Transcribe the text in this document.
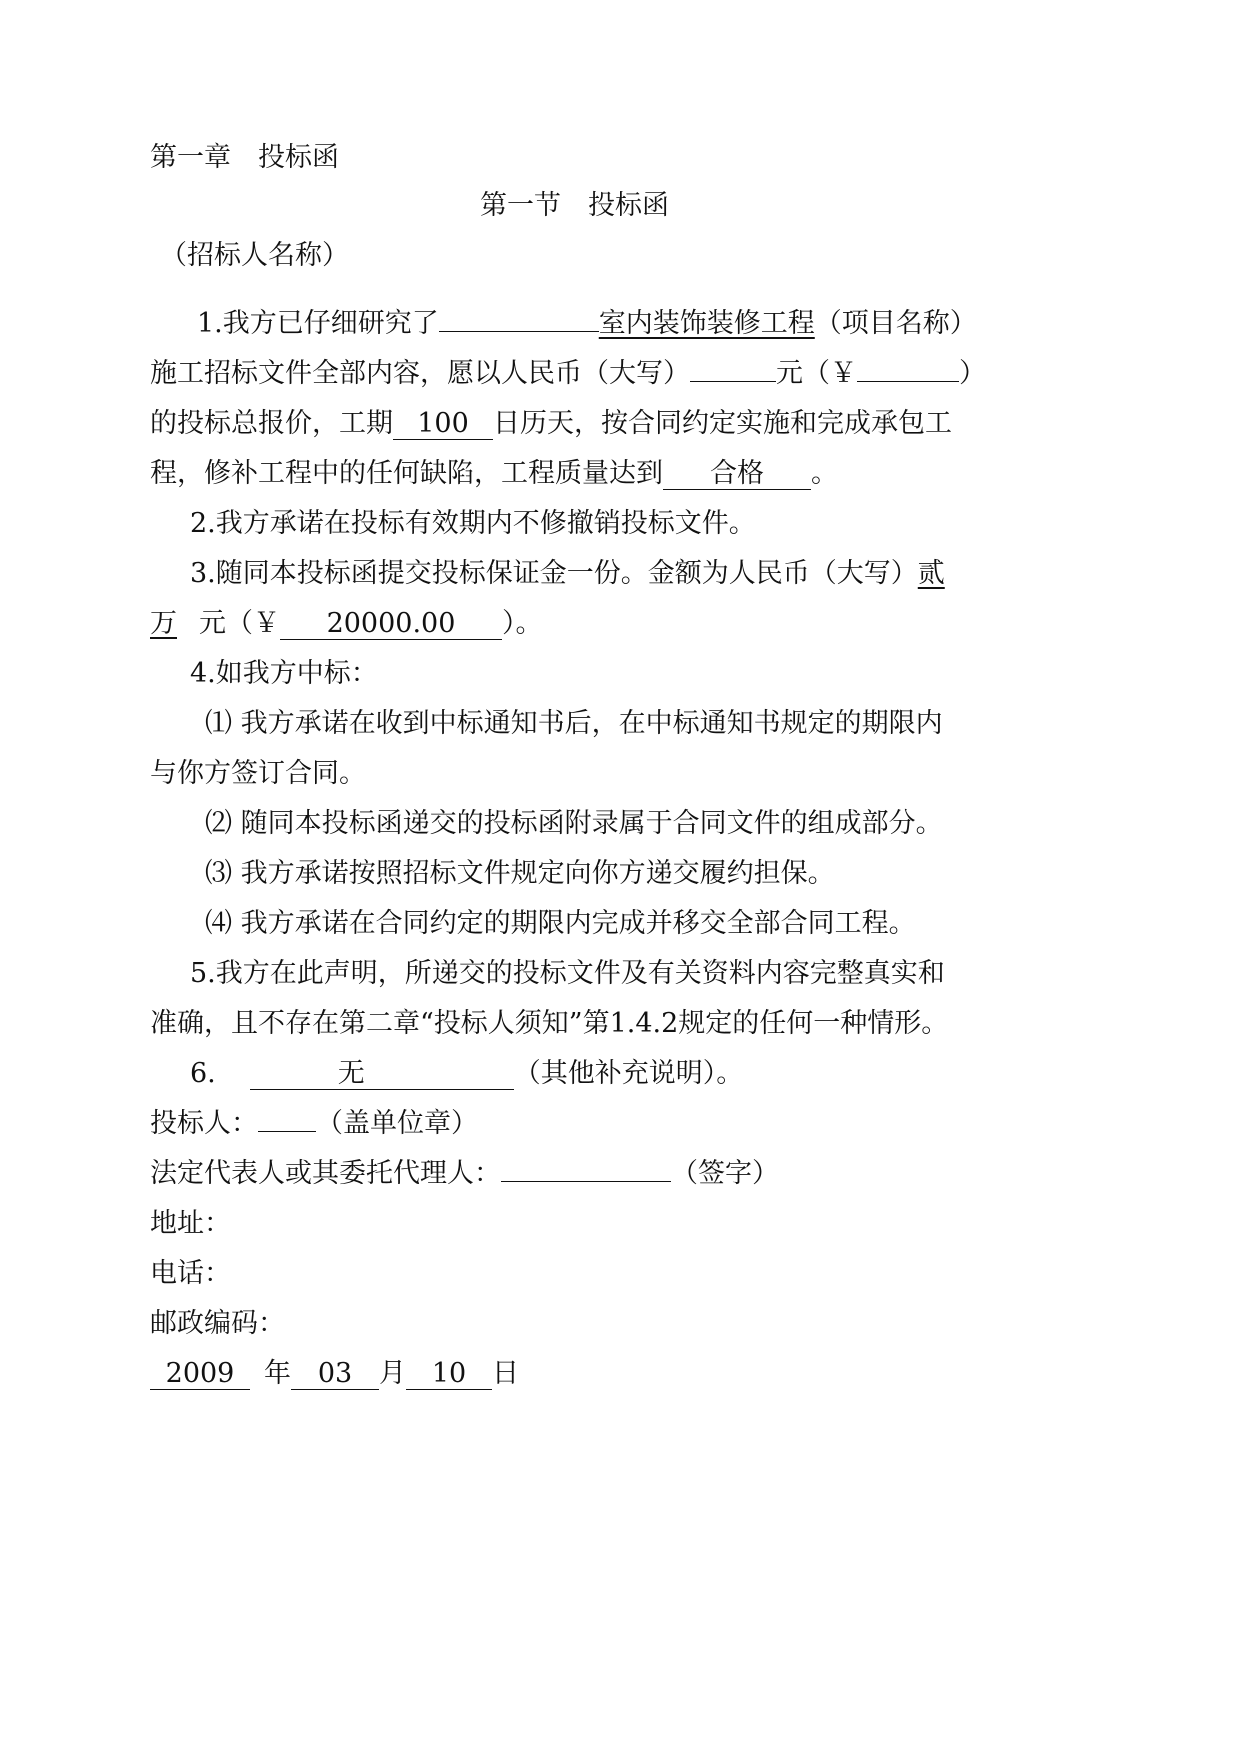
第一章　投标函
第一节　投标函
（招标人名称）
1.我方已仔细研究了	室内装饰装修工程（项目名称）
施工招标文件全部内容，愿以人民币（大写）	元（￥	）
的投标总报价，工期 100 日历天，按合同约定实施和完成承包工
程，修补工程中的任何缺陷，工程质量达到 合格 。
2.我方承诺在投标有效期内不修撤销投标文件。
3.随同本投标函提交投标保证金一份。金额为人民币（大写）贰
万 元（￥ 20000.00 ）。
4.如我方中标：
⑴ 我方承诺在收到中标通知书后，在中标通知书规定的期限内
与你方签订合同。
⑵ 随同本投标函递交的投标函附录属于合同文件的组成部分。
⑶ 我方承诺按照招标文件规定向你方递交履约担保。
⑷ 我方承诺在合同约定的期限内完成并移交全部合同工程。
5.我方在此声明，所递交的投标文件及有关资料内容完整真实和
准确，且不存在第二章“投标人须知”第1.4.2规定的任何一种情形。
6.	无	（其他补充说明）。
投标人： （盖单位章）
法定代表人或其委托代理人：	（签字）
地址：
电话：
邮政编码：
2009 年 03 月 10 日
